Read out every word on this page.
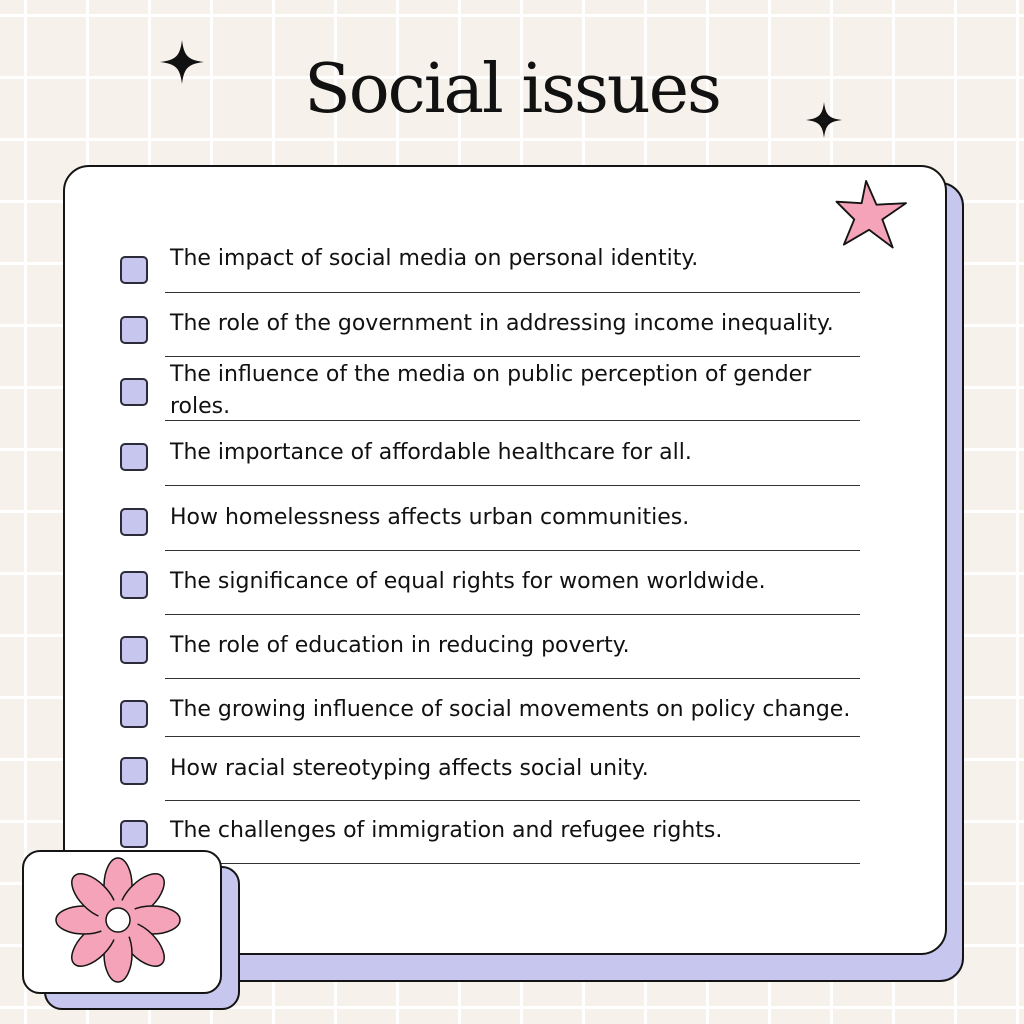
Social issues
The impact of social media on personal identity.
The role of the government in addressing income inequality.
The influence of the media on public perception of gender roles.
The importance of affordable healthcare for all.
How homelessness affects urban communities.
The significance of equal rights for women worldwide.
The role of education in reducing poverty.
The growing influence of social movements on policy change.
How racial stereotyping affects social unity.
The challenges of immigration and refugee rights.
